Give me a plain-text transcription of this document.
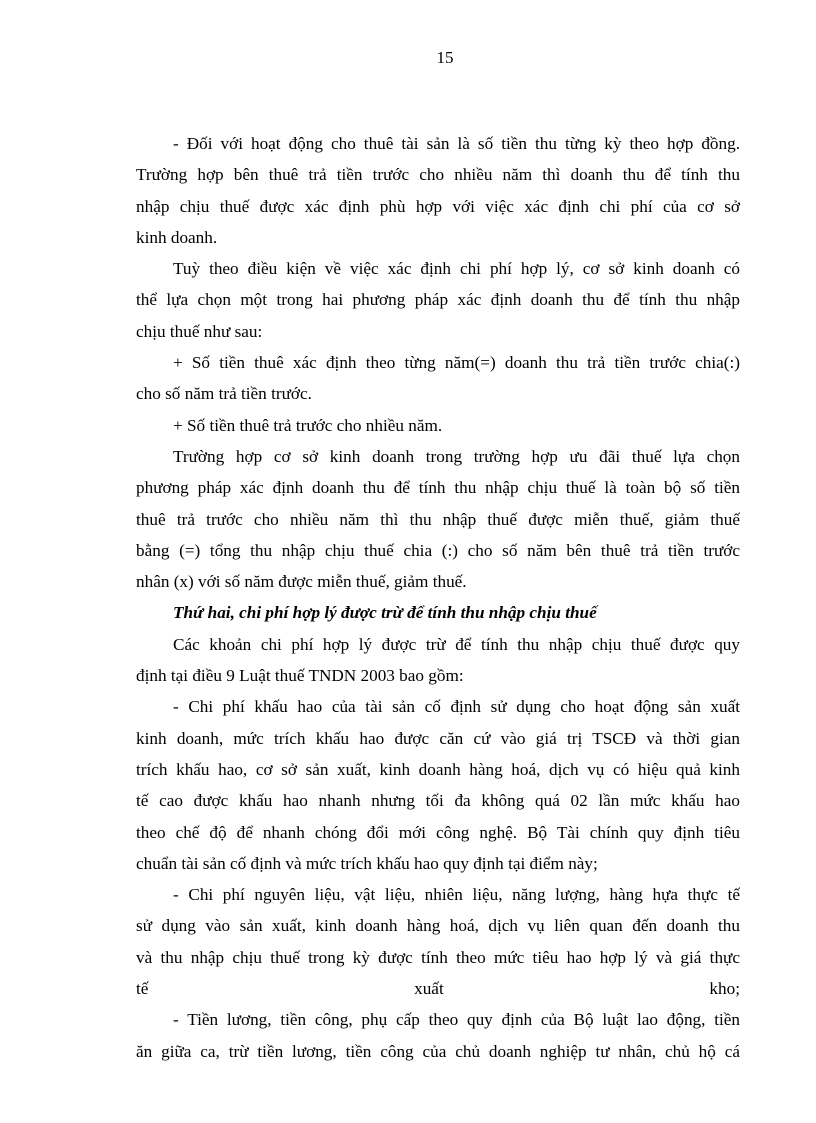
15
- Đối với hoạt động cho thuê tài sản là số tiền thu từng kỳ theo hợp đồng.
Trường hợp bên thuê trả tiền trước cho nhiều năm thì doanh thu để tính thu
nhập chịu thuế được xác định phù hợp với việc xác định chi phí của cơ sở
kinh doanh.
Tuỳ theo điều kiện về việc xác định chi phí hợp lý, cơ sở kinh doanh có
thể lựa chọn một trong hai phương pháp xác định doanh thu để tính thu nhập
chịu thuế như sau:
+ Số tiền thuê xác định theo từng năm(=) doanh thu trả tiền trước chia(:)
cho số năm trả tiền trước.
+ Số tiền thuê trả trước cho nhiều năm.
Trường hợp cơ sở kinh doanh trong trường hợp ưu đãi thuế lựa chọn
phương pháp xác định doanh thu để tính thu nhập chịu thuế là toàn bộ số tiền
thuê trả trước cho nhiều năm thì thu nhập thuế được miễn thuế, giảm thuế
bằng (=) tổng thu nhập chịu thuế chia (:) cho số năm bên thuê trả tiền trước
nhân (x) với số năm được miễn thuế, giảm thuế.
Thứ hai, chi phí hợp lý được trừ để tính thu nhập chịu thuế
Các khoản chi phí hợp lý được trừ để tính thu nhập chịu thuế được quy
định tại điều 9 Luật thuế TNDN 2003 bao gồm:
- Chi phí khấu hao của tài sản cố định sử dụng cho hoạt động sản xuất
kinh doanh, mức trích khấu hao được căn cứ vào giá trị TSCĐ và thời gian
trích khấu hao, cơ sở sản xuất, kinh doanh hàng hoá, dịch vụ có hiệu quả kinh
tế cao được khấu hao nhanh nhưng tối đa không quá 02 lần mức khấu hao
theo chế độ để nhanh chóng đổi mới công nghệ. Bộ Tài chính quy định tiêu
chuẩn tài sản cố định và mức trích khấu hao quy định tại điểm này;
- Chi phí nguyên liệu, vật liệu, nhiên liệu, năng lượng, hàng hựa thực tế
sử dụng vào sản xuất, kinh doanh hàng hoá, dịch vụ liên quan đến doanh thu
và thu nhập chịu thuế trong kỳ được tính theo mức tiêu hao hợp lý và giá thực
tế xuất kho;
- Tiền lương, tiền công, phụ cấp theo quy định của Bộ luật lao động, tiền
ăn giữa ca, trừ tiền lương, tiền công của chủ doanh nghiệp tư nhân, chủ hộ cá
